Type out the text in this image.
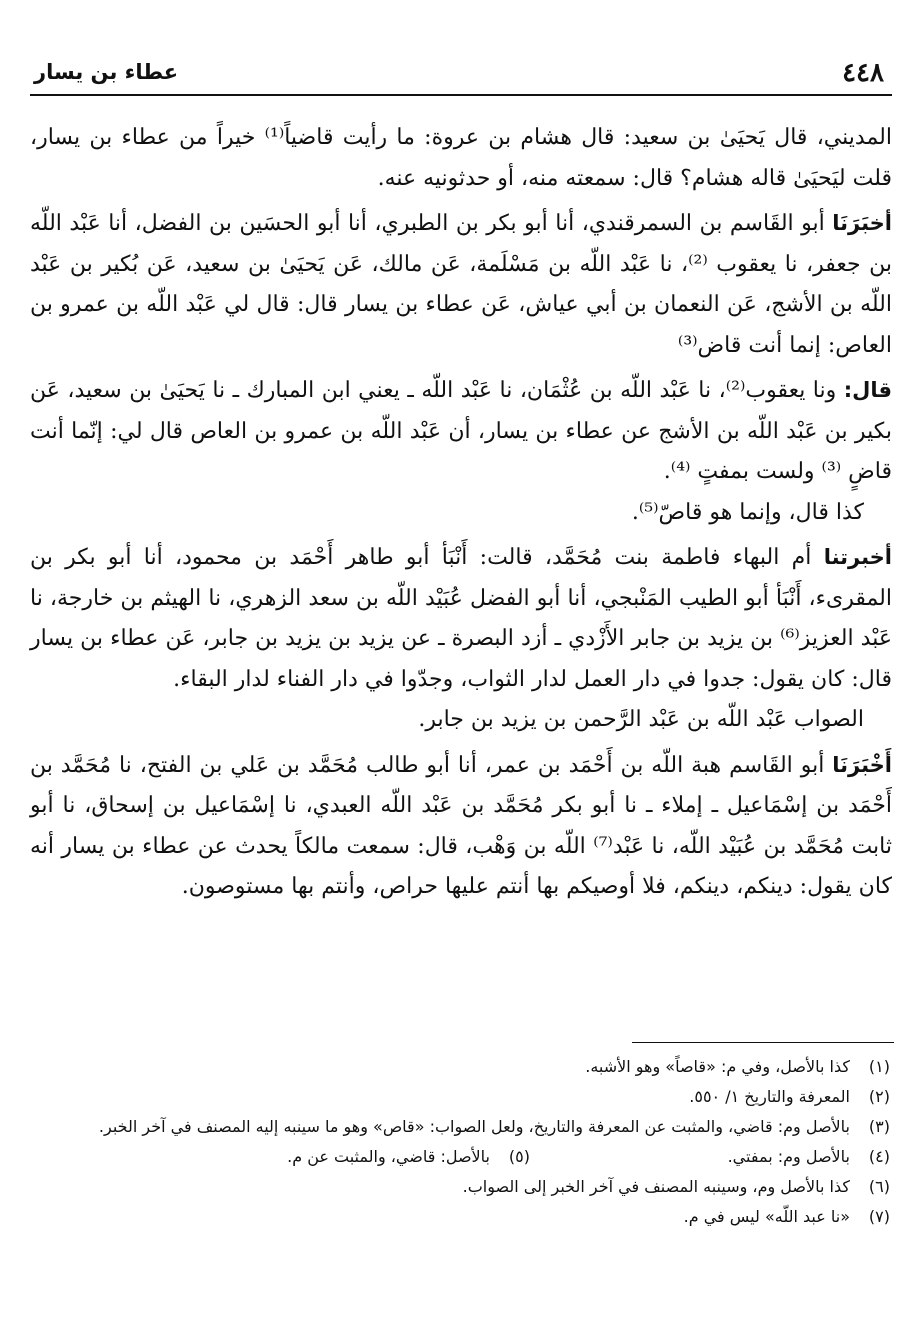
٤٤٨
عطاء بن يسار

المديني، قال يَحيَىٰ بن سعيد: قال هشام بن عروة: ما رأيت قاضياً⁽¹⁾ خيراً من عطاء بن يسار، قلت ليَحيَىٰ قاله هشام؟ قال: سمعته منه، أو حدثونيه عنه.

أخبَرَنَا أبو القَاسم بن السمرقندي، أنا أبو بكر بن الطبري، أنا أبو الحسَين بن الفضل، أنا عَبْد اللّه بن جعفر، نا يعقوب ⁽²⁾، نا عَبْد اللّه بن مَسْلَمة، عَن مالك، عَن يَحيَىٰ بن سعيد، عَن بُكير بن عَبْد اللّه بن الأشج، عَن النعمان بن أبي عياش، عَن عطاء بن يسار قال: قال لي عَبْد اللّه بن عمرو بن العاص: إنما أنت قاض⁽³⁾

قال: ونا يعقوب⁽²⁾، نا عَبْد اللّه بن عُثْمَان، نا عَبْد اللّه ـ يعني ابن المبارك ـ نا يَحيَىٰ بن سعيد، عَن بكير بن عَبْد اللّه بن الأشج عن عطاء بن يسار، أن عَبْد اللّه بن عمرو بن العاص قال لي: إنّما أنت قاضٍ ⁽³⁾ ولست بمفتٍ ⁽⁴⁾.

كذا قال، وإنما هو قاصّ⁽⁵⁾.

أخبرتنا أم البهاء فاطمة بنت مُحَمَّد، قالت: أَنْبَأ أبو طاهر أَحْمَد بن محمود، أنا أبو بكر بن المقرىء، أَنْبَأ أبو الطيب المَنْبجي، أنا أبو الفضل عُبَيْد اللّه بن سعد الزهري، نا الهيثم بن خارجة، نا عَبْد العزيز⁽⁶⁾ بن يزيد بن جابر الأَزْدي ـ أزد البصرة ـ عن يزيد بن يزيد بن جابر، عَن عطاء بن يسار قال: كان يقول: جدوا في دار العمل لدار الثواب، وجدّوا في دار الفناء لدار البقاء.

الصواب عَبْد اللّه بن عَبْد الرَّحمن بن يزيد بن جابر.

أَخْبَرَنَا أبو القَاسم هبة اللّه بن أَحْمَد بن عمر، أنا أبو طالب مُحَمَّد بن عَلي بن الفتح، نا مُحَمَّد بن أَحْمَد بن إسْمَاعيل ـ إملاء ـ نا أبو بكر مُحَمَّد بن عَبْد اللّه العبدي، نا إسْمَاعيل بن إسحاق، نا أبو ثابت مُحَمَّد بن عُبَيْد اللّه، نا عَبْد⁽⁷⁾ اللّه بن وَهْب، قال: سمعت مالكاً يحدث عن عطاء بن يسار أنه كان يقول: دينكم، دينكم، فلا أوصيكم بها أنتم عليها حراص، وأنتم بها مستوصون.

(١)
كذا بالأصل، وفي م: «قاصاً» وهو الأشبه.
(٢)
المعرفة والتاريخ ١/ ٥٥٠.
(٣)
بالأصل وم: قاضي، والمثبت عن المعرفة والتاريخ، ولعل الصواب: «قاص» وهو ما سينبه إليه المصنف في آخر الخبر.
(٤)
بالأصل وم: بمفتي.
(٥)
بالأصل: قاضي، والمثبت عن م.
(٦)
كذا بالأصل وم، وسينبه المصنف في آخر الخبر إلى الصواب.
(٧)
«نا عبد اللّه» ليس في م.
